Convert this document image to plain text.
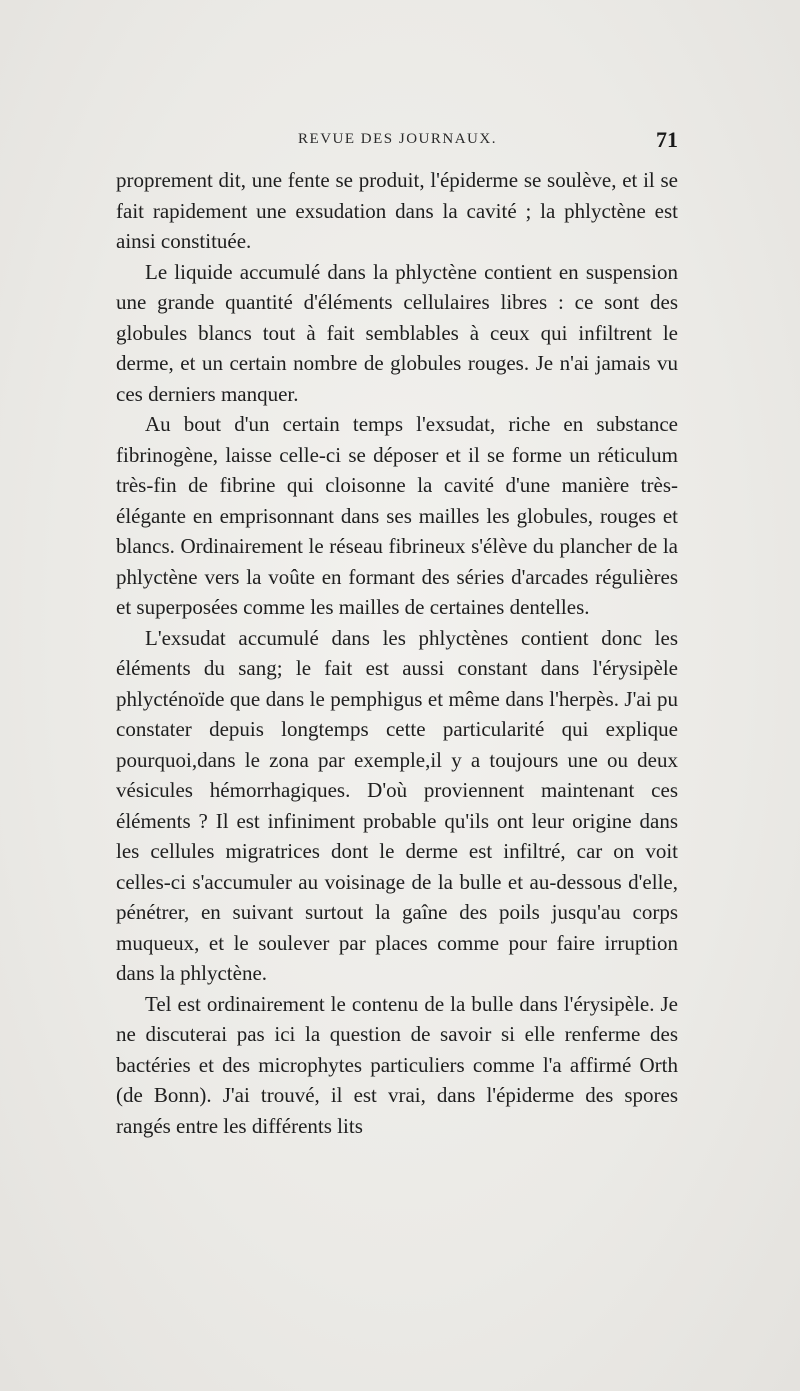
REVUE DES JOURNAUX.	71

proprement dit, une fente se produit, l'épiderme se soulève, et il se fait rapidement une exsudation dans la cavité ; la phlyctène est ainsi constituée.

Le liquide accumulé dans la phlyctène contient en suspension une grande quantité d'éléments cellulaires libres : ce sont des globules blancs tout à fait semblables à ceux qui infiltrent le derme, et un certain nombre de globules rouges. Je n'ai jamais vu ces derniers manquer.

Au bout d'un certain temps l'exsudat, riche en substance fibrinogène, laisse celle-ci se déposer et il se forme un réticulum très-fin de fibrine qui cloisonne la cavité d'une manière très-élégante en emprisonnant dans ses mailles les globules, rouges et blancs. Ordinairement le réseau fibrineux s'élève du plancher de la phlyctène vers la voûte en formant des séries d'arcades régulières et superposées comme les mailles de certaines dentelles.

L'exsudat accumulé dans les phlyctènes contient donc les éléments du sang; le fait est aussi constant dans l'érysipèle phlycténoïde que dans le pemphigus et même dans l'herpès. J'ai pu constater depuis longtemps cette particularité qui explique pourquoi,dans le zona par exemple,il y a toujours une ou deux vésicules hémorrhagiques. D'où proviennent maintenant ces éléments ? Il est infiniment probable qu'ils ont leur origine dans les cellules migratrices dont le derme est infiltré, car on voit celles-ci s'accumuler au voisinage de la bulle et au-dessous d'elle, pénétrer, en suivant surtout la gaîne des poils jusqu'au corps muqueux, et le soulever par places comme pour faire irruption dans la phlyctène.

Tel est ordinairement le contenu de la bulle dans l'érysipèle. Je ne discuterai pas ici la question de savoir si elle renferme des bactéries et des microphytes particuliers comme l'a affirmé Orth (de Bonn). J'ai trouvé, il est vrai, dans l'épiderme des spores rangés entre les différents lits
